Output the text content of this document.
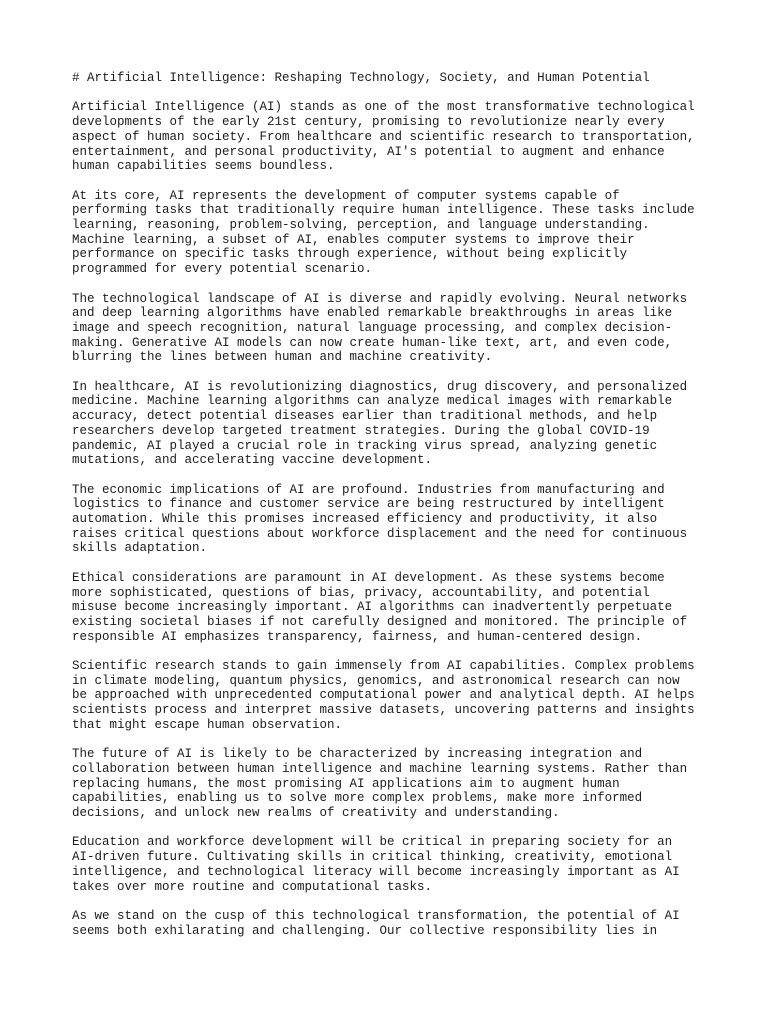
# Artificial Intelligence: Reshaping Technology, Society, and Human Potential
Artificial Intelligence (AI) stands as one of the most transformative technological
developments of the early 21st century, promising to revolutionize nearly every
aspect of human society. From healthcare and scientific research to transportation,
entertainment, and personal productivity, AI's potential to augment and enhance
human capabilities seems boundless.
At its core, AI represents the development of computer systems capable of
performing tasks that traditionally require human intelligence. These tasks include
learning, reasoning, problem-solving, perception, and language understanding.
Machine learning, a subset of AI, enables computer systems to improve their
performance on specific tasks through experience, without being explicitly
programmed for every potential scenario.
The technological landscape of AI is diverse and rapidly evolving. Neural networks
and deep learning algorithms have enabled remarkable breakthroughs in areas like
image and speech recognition, natural language processing, and complex decision-
making. Generative AI models can now create human-like text, art, and even code,
blurring the lines between human and machine creativity.
In healthcare, AI is revolutionizing diagnostics, drug discovery, and personalized
medicine. Machine learning algorithms can analyze medical images with remarkable
accuracy, detect potential diseases earlier than traditional methods, and help
researchers develop targeted treatment strategies. During the global COVID-19
pandemic, AI played a crucial role in tracking virus spread, analyzing genetic
mutations, and accelerating vaccine development.
The economic implications of AI are profound. Industries from manufacturing and
logistics to finance and customer service are being restructured by intelligent
automation. While this promises increased efficiency and productivity, it also
raises critical questions about workforce displacement and the need for continuous
skills adaptation.
Ethical considerations are paramount in AI development. As these systems become
more sophisticated, questions of bias, privacy, accountability, and potential
misuse become increasingly important. AI algorithms can inadvertently perpetuate
existing societal biases if not carefully designed and monitored. The principle of
responsible AI emphasizes transparency, fairness, and human-centered design.
Scientific research stands to gain immensely from AI capabilities. Complex problems
in climate modeling, quantum physics, genomics, and astronomical research can now
be approached with unprecedented computational power and analytical depth. AI helps
scientists process and interpret massive datasets, uncovering patterns and insights
that might escape human observation.
The future of AI is likely to be characterized by increasing integration and
collaboration between human intelligence and machine learning systems. Rather than
replacing humans, the most promising AI applications aim to augment human
capabilities, enabling us to solve more complex problems, make more informed
decisions, and unlock new realms of creativity and understanding.
Education and workforce development will be critical in preparing society for an
AI-driven future. Cultivating skills in critical thinking, creativity, emotional
intelligence, and technological literacy will become increasingly important as AI
takes over more routine and computational tasks.
As we stand on the cusp of this technological transformation, the potential of AI
seems both exhilarating and challenging. Our collective responsibility lies in
